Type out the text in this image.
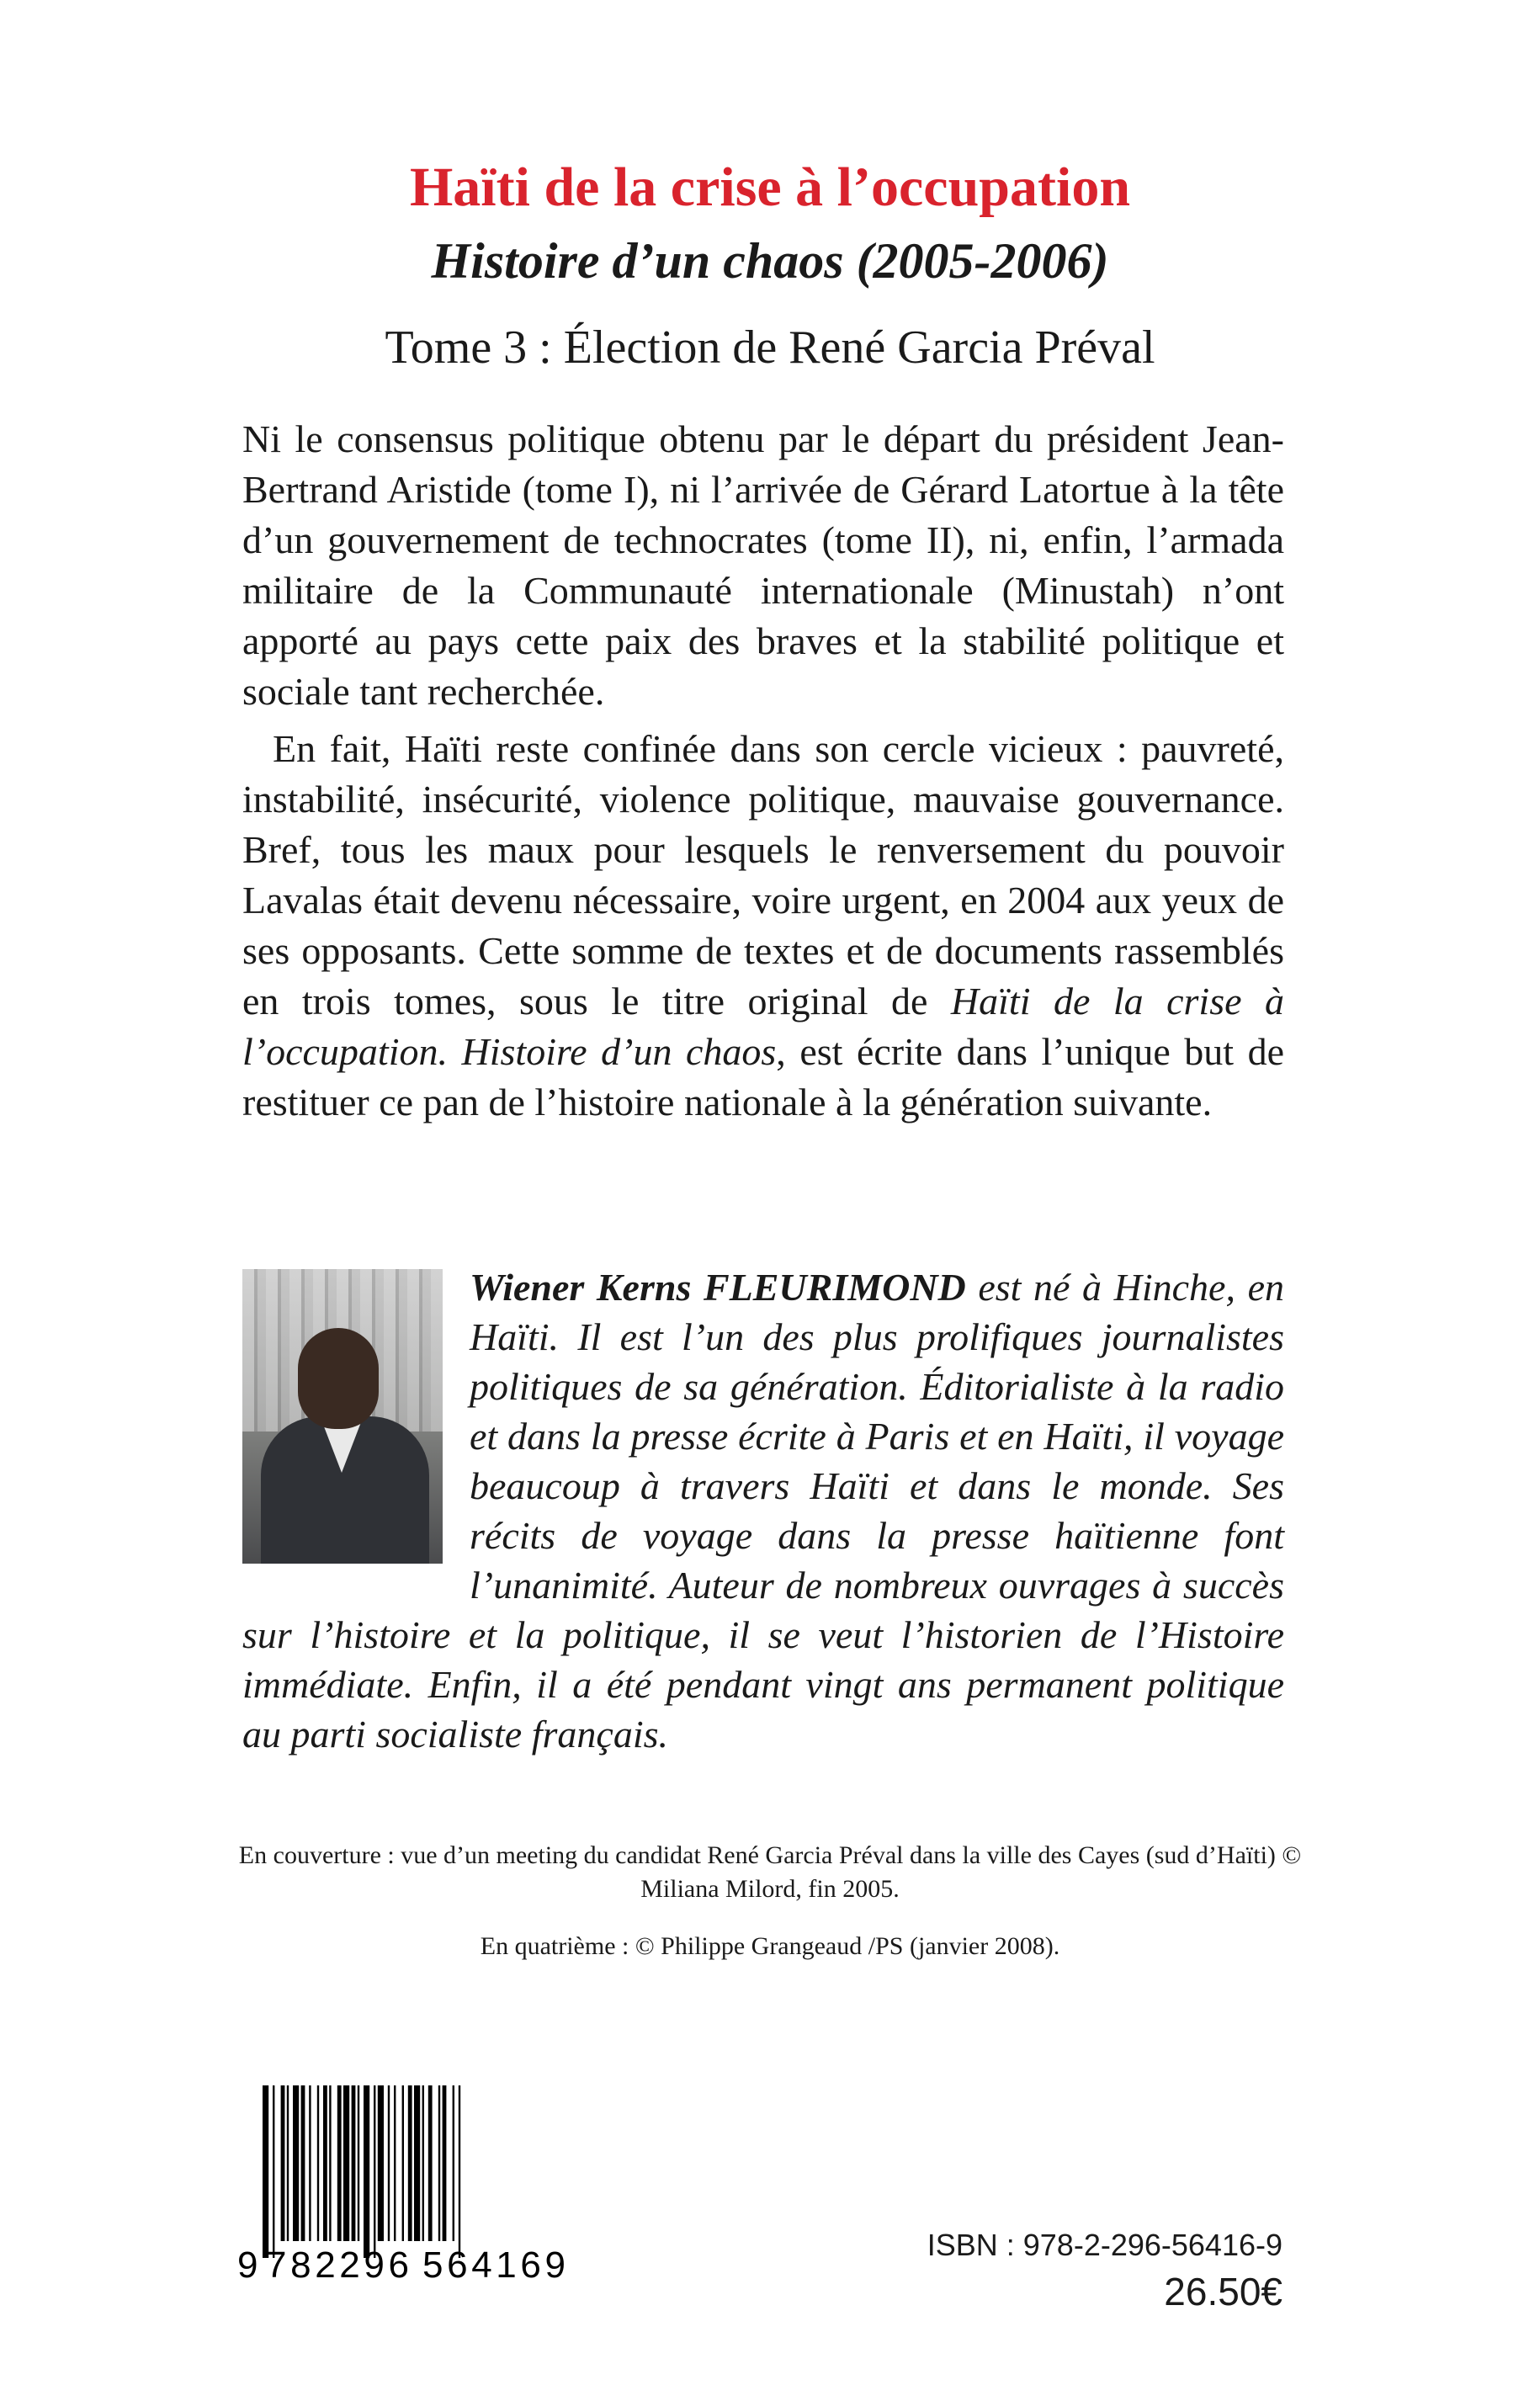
Haïti de la crise à l’occupation
Histoire d’un chaos (2005-2006)
Tome 3 : Élection de René Garcia Préval

Ni le consensus politique obtenu par le départ du président Jean-Bertrand Aristide (tome I), ni l’arrivée de Gérard Latortue à la tête d’un gouvernement de technocrates (tome II), ni, enfin, l’armada militaire de la Communauté internationale (Minustah) n’ont apporté au pays cette paix des braves et la stabilité politique et sociale tant recherchée.

En fait, Haïti reste confinée dans son cercle vicieux : pauvreté, instabilité, insécurité, violence politique, mauvaise gouvernance. Bref, tous les maux pour lesquels le renversement du pouvoir Lavalas était devenu nécessaire, voire urgent, en 2004 aux yeux de ses opposants. Cette somme de textes et de documents rassemblés en trois tomes, sous le titre original de Haïti de la crise à l’occupation. Histoire d’un chaos, est écrite dans l’unique but de restituer ce pan de l’histoire nationale à la génération suivante.

Wiener Kerns FLEURIMOND est né à Hinche, en Haïti. Il est l’un des plus prolifiques journalistes politiques de sa génération. Éditorialiste à la radio et dans la presse écrite à Paris et en Haïti, il voyage beaucoup à travers Haïti et dans le monde. Ses récits de voyage dans la presse haïtienne font l’unanimité. Auteur de nombreux ouvrages à succès sur l’histoire et la politique, il se veut l’historien de l’Histoire immédiate. Enfin, il a été pendant vingt ans permanent politique au parti socialiste français.
En couverture : vue d’un meeting du candidat René Garcia Préval dans la ville des Cayes (sud d’Haïti) © Miliana Milord, fin 2005.
En quatrième : © Philippe Grangeaud /PS (janvier 2008).
9 782296 564169	ISBN : 978-2-296-56416-9
26.50€
